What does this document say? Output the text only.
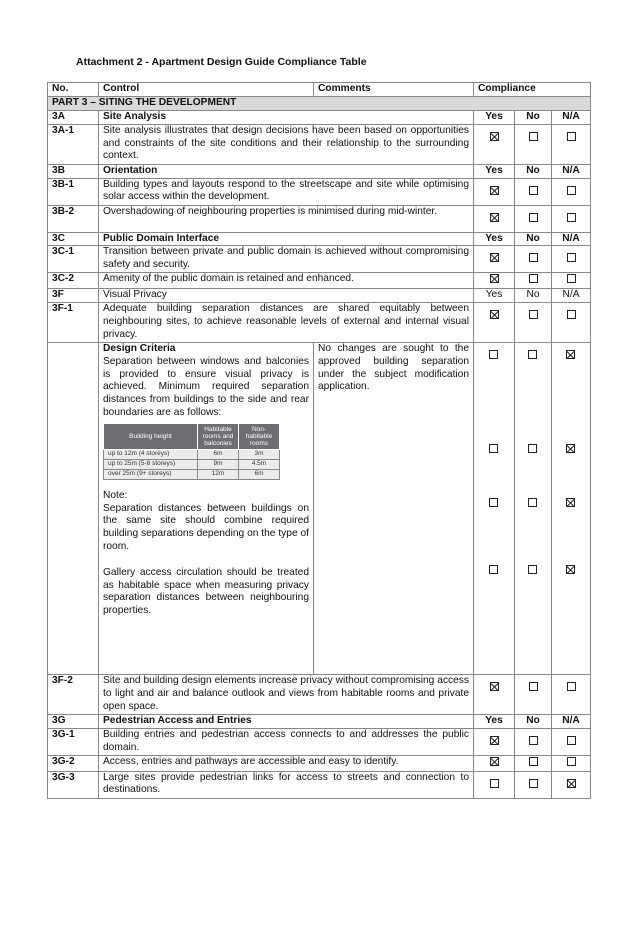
Attachment 2 - Apartment Design Guide Compliance Table
No.	Control	Comments	Compliance
PART 3 – SITING THE DEVELOPMENT
3A	Site Analysis	Yes	No	N/A
3A-1	Site analysis illustrates that design decisions have been based on opportunities and constraints of the site conditions and their relationship to the surrounding context.			
3B	Orientation	Yes	No	N/A
3B-1	Building types and layouts respond to the streetscape and site while optimising solar access within the development.			
3B-2	Overshadowing of neighbouring properties is minimised during mid-winter.			
3C	Public Domain Interface	Yes	No	N/A
3C-1	Transition between private and public domain is achieved without compromising safety and security.			
3C-2	Amenity of the public domain is retained and enhanced.			
3F	Visual Privacy	Yes	No	N/A
3F-1	Adequate building separation distances are shared equitably between neighbouring sites, to achieve reasonable levels of external and internal visual privacy.			

Design Criteria
Separation between windows and balconies is provided to ensure visual privacy is achieved. Minimum required separation distances from buildings to the side and rear boundaries are as follows:
Building height	Habitable rooms and balconies	Non-habitable rooms
up to 12m (4 storeys)	6m	3m
up to 25m (5-8 storeys)	9m	4.5m
over 25m (9+ storeys)	12m	6m
Note:
Separation distances between buildings on the same site should combine required building separations depending on the type of room.
Gallery access circulation should be treated as habitable space when measuring privacy separation distances between neighbouring properties.
	No changes are sought to the approved building separation under the subject modification application.	

3F-2	Site and building design elements increase privacy without compromising access to light and air and balance outlook and views from habitable rooms and private open space.			
3G	Pedestrian Access and Entries	Yes	No	N/A
3G-1	Building entries and pedestrian access connects to and addresses the public domain.			
3G-2	Access, entries and pathways are accessible and easy to identify.			
3G-3	Large sites provide pedestrian links for access to streets and connection to destinations.			
